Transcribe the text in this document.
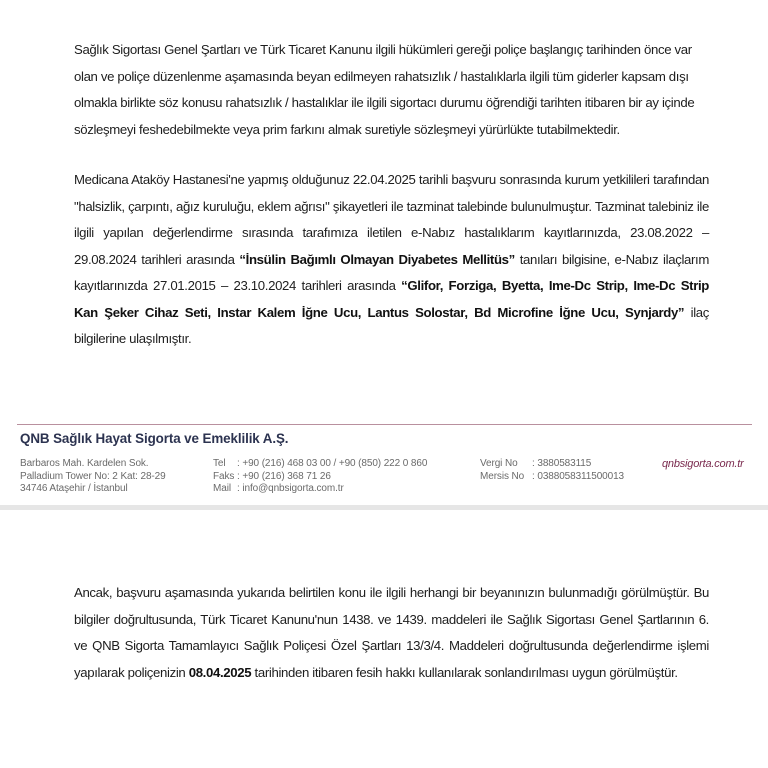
Sağlık Sigortası Genel Şartları ve Türk Ticaret Kanunu ilgili hükümleri gereği poliçe başlangıç tarihinden önce var olan ve poliçe düzenlenme aşamasında beyan edilmeyen rahatsızlık / hastalıklarla ilgili tüm giderler kapsam dışı olmakla birlikte söz konusu rahatsızlık / hastalıklar ile ilgili sigortacı durumu öğrendiği tarihten itibaren bir ay içinde sözleşmeyi feshedebilmekte veya prim farkını almak suretiyle sözleşmeyi yürürlükte tutabilmektedir.

Medicana Ataköy Hastanesi'ne yapmış olduğunuz 22.04.2025 tarihli başvuru sonrasında kurum yetkilileri tarafından "halsizlik, çarpıntı, ağız kuruluğu, eklem ağrısı" şikayetleri ile tazminat talebinde bulunulmuştur. Tazminat talebiniz ile ilgili yapılan değerlendirme sırasında tarafımıza iletilen e-Nabız hastalıklarım kayıtlarınızda, 23.08.2022 – 29.08.2024 tarihleri arasında “İnsülin Bağımlı Olmayan Diyabetes Mellitüs” tanıları bilgisine, e-Nabız ilaçlarım kayıtlarınızda 27.01.2015 – 23.10.2024 tarihleri arasında “Glifor, Forziga, Byetta, Ime-Dc Strip, Ime-Dc Strip Kan Şeker Cihaz Seti, Instar Kalem İğne Ucu, Lantus Solostar, Bd Microfine İğne Ucu, Synjardy” ilaç bilgilerine ulaşılmıştır.

QNB Sağlık Hayat Sigorta ve Emeklilik A.Ş.
Barbaros Mah. Kardelen Sok.
Palladium Tower No: 2 Kat: 28-29
34746 Ataşehir / İstanbul
Tel : +90 (216) 468 03 00 / +90 (850) 222 0 860
Faks : +90 (216) 368 71 26
Mail : info@qnbsigorta.com.tr
Vergi No : 3880583115
Mersis No : 0388058311500013
qnbsigorta.com.tr

Ancak, başvuru aşamasında yukarıda belirtilen konu ile ilgili herhangi bir beyanınızın bulunmadığı görülmüştür. Bu bilgiler doğrultusunda, Türk Ticaret Kanunu'nun 1438. ve 1439. maddeleri ile Sağlık Sigortası Genel Şartlarının 6. ve QNB Sigorta Tamamlayıcı Sağlık Poliçesi Özel Şartları 13/3/4. Maddeleri doğrultusunda değerlendirme işlemi yapılarak poliçenizin 08.04.2025 tarihinden itibaren fesih hakkı kullanılarak sonlandırılması uygun görülmüştür.
